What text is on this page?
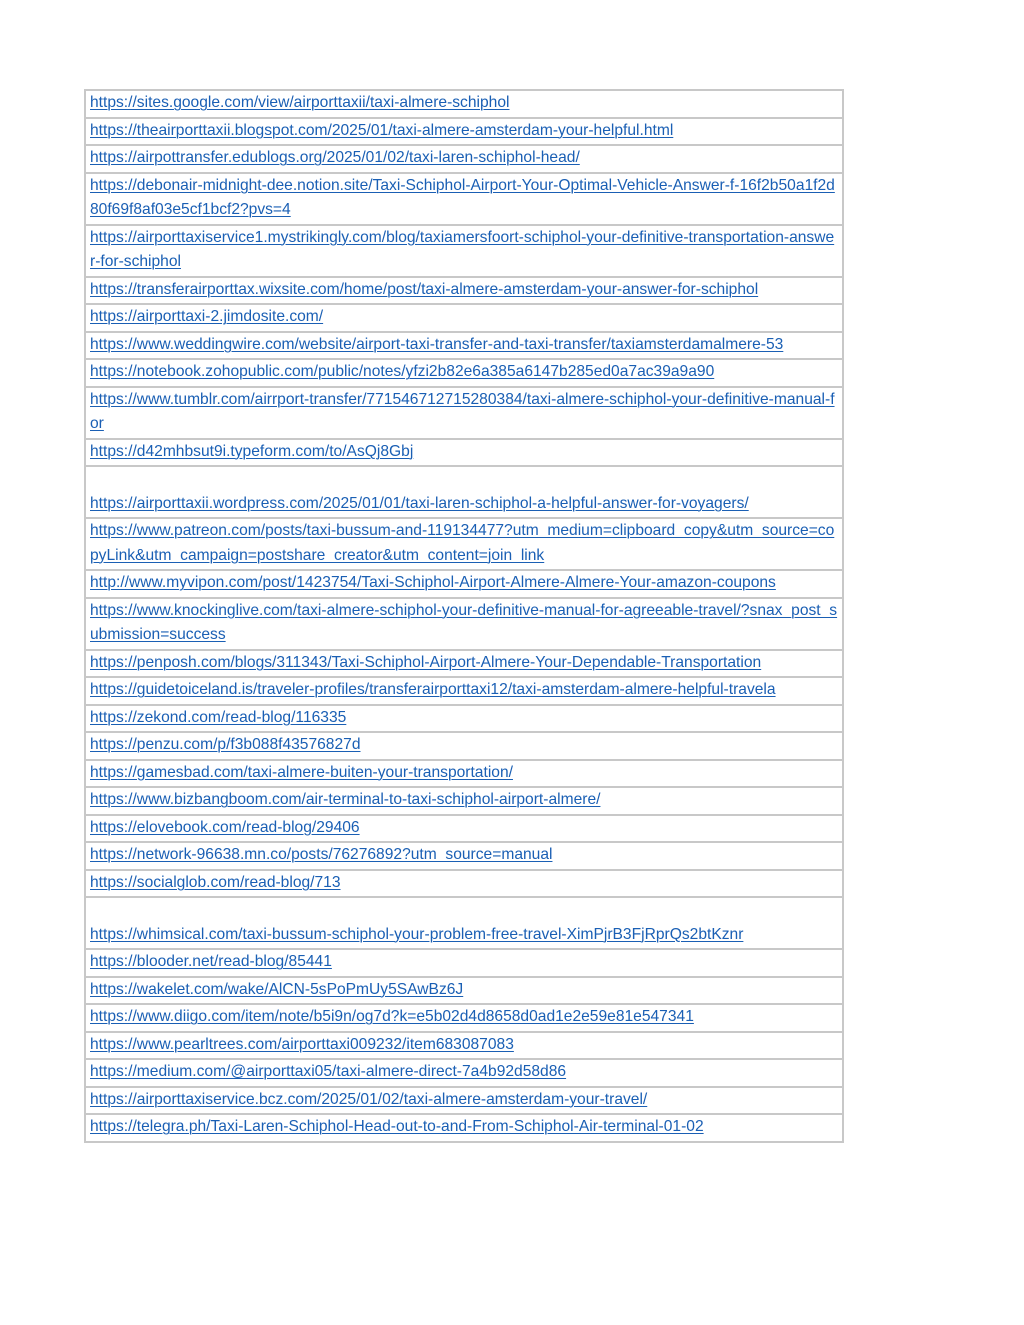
https://sites.google.com/view/airporttaxii/taxi-almere-schiphol
https://theairporttaxii.blogspot.com/2025/01/taxi-almere-amsterdam-your-helpful.html
https://airpottransfer.edublogs.org/2025/01/02/taxi-laren-schiphol-head/
https://debonair-midnight-dee.notion.site/Taxi-Schiphol-Airport-Your-Optimal-Vehicle-Answer-f-16f2b50a1f2d80f69f8af03e5cf1bcf2?pvs=4
https://airporttaxiservice1.mystrikingly.com/blog/taxiamersfoort-schiphol-your-definitive-transportation-answer-for-schiphol
https://transferairporttax.wixsite.com/home/post/taxi-almere-amsterdam-your-answer-for-schiphol
https://airporttaxi-2.jimdosite.com/
https://www.weddingwire.com/website/airport-taxi-transfer-and-taxi-transfer/taxiamsterdamalmere-53
https://notebook.zohopublic.com/public/notes/yfzi2b82e6a385a6147b285ed0a7ac39a9a90
https://www.tumblr.com/airrport-transfer/771546712715280384/taxi-almere-schiphol-your-definitive-manual-for
https://d42mhbsut9i.typeform.com/to/AsQj8Gbj
https://airporttaxii.wordpress.com/2025/01/01/taxi-laren-schiphol-a-helpful-answer-for-voyagers/
https://www.patreon.com/posts/taxi-bussum-and-119134477?utm_medium=clipboard_copy&utm_source=copyLink&utm_campaign=postshare_creator&utm_content=join_link
http://www.myvipon.com/post/1423754/Taxi-Schiphol-Airport-Almere-Almere-Your-amazon-coupons
https://www.knockinglive.com/taxi-almere-schiphol-your-definitive-manual-for-agreeable-travel/?snax_post_submission=success
https://penposh.com/blogs/311343/Taxi-Schiphol-Airport-Almere-Your-Dependable-Transportation
https://guidetoiceland.is/traveler-profiles/transferairporttaxi12/taxi-amsterdam-almere-helpful-travela
https://zekond.com/read-blog/116335
https://penzu.com/p/f3b088f43576827d
https://gamesbad.com/taxi-almere-buiten-your-transportation/
https://www.bizbangboom.com/air-terminal-to-taxi-schiphol-airport-almere/
https://elovebook.com/read-blog/29406
https://network-96638.mn.co/posts/76276892?utm_source=manual
https://socialglob.com/read-blog/713
https://whimsical.com/taxi-bussum-schiphol-your-problem-free-travel-XimPjrB3FjRprQs2btKznr
https://blooder.net/read-blog/85441
https://wakelet.com/wake/AlCN-5sPoPmUy5SAwBz6J
https://www.diigo.com/item/note/b5i9n/og7d?k=e5b02d4d8658d0ad1e2e59e81e547341
https://www.pearltrees.com/airporttaxi009232/item683087083
https://medium.com/@airporttaxi05/taxi-almere-direct-7a4b92d58d86
https://airporttaxiservice.bcz.com/2025/01/02/taxi-almere-amsterdam-your-travel/
https://telegra.ph/Taxi-Laren-Schiphol-Head-out-to-and-From-Schiphol-Air-terminal-01-02
